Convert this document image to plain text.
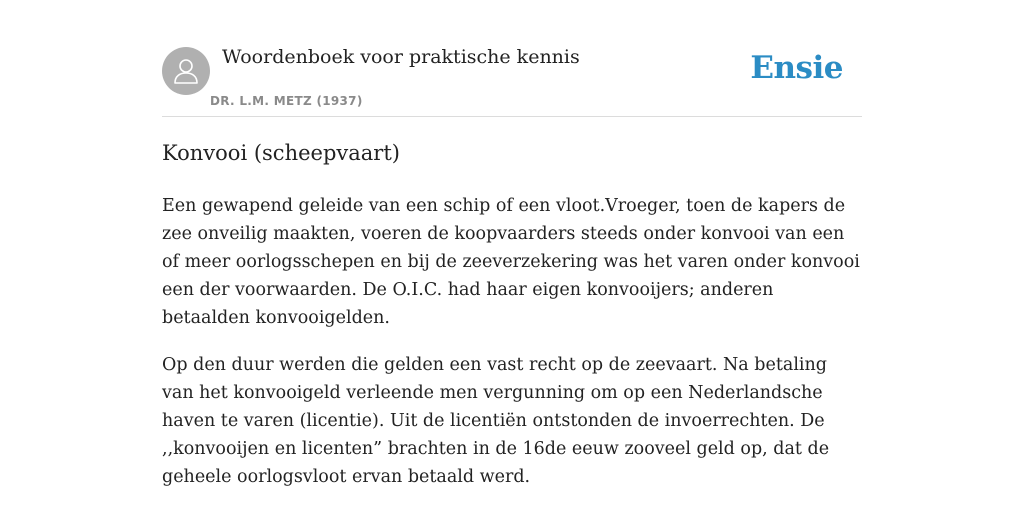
Woordenboek voor praktische kennis
DR. L.M. METZ (1937)
Ensie
Konvooi (scheepvaart)

Een gewapend geleide van een schip of een vloot.Vroeger, toen de kapers de zee onveilig maakten, voeren de koopvaarders steeds onder konvooi van een of meer oorlogsschepen en bij de zeeverzekering was het varen onder konvooi een der voorwaarden. De O.I.C. had haar eigen konvooijers; anderen betaalden konvooigelden.

Op den duur werden die gelden een vast recht op de zeevaart. Na betaling van het konvooigeld verleende men vergunning om op een Nederlandsche haven te varen (licentie). Uit de licentiën ontstonden de invoerrechten. De ,,konvooijen en licenten” brachten in de 16de eeuw zooveel geld op, dat de geheele oorlogsvloot ervan betaald werd.
